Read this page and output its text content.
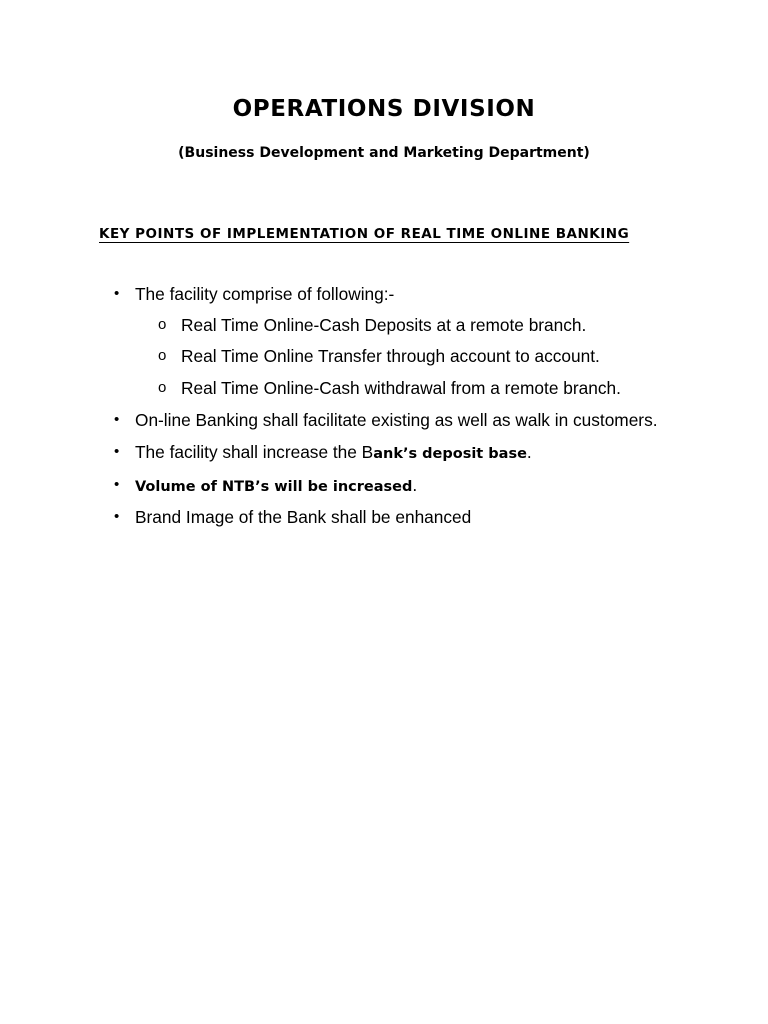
OPERATIONS DIVISION
(Business Development and Marketing Department)
KEY POINTS OF IMPLEMENTATION OF REAL TIME ONLINE BANKING
• The facility comprise of following:-
o Real Time Online-Cash Deposits at a remote branch.
o Real Time Online Transfer through account to account.
o Real Time Online-Cash withdrawal from a remote branch.
• On-line Banking shall facilitate existing as well as walk in customers.
• The facility shall increase the Bank’s deposit base.
• Volume of NTB’s will be increased.
• Brand Image of the Bank shall be enhanced
